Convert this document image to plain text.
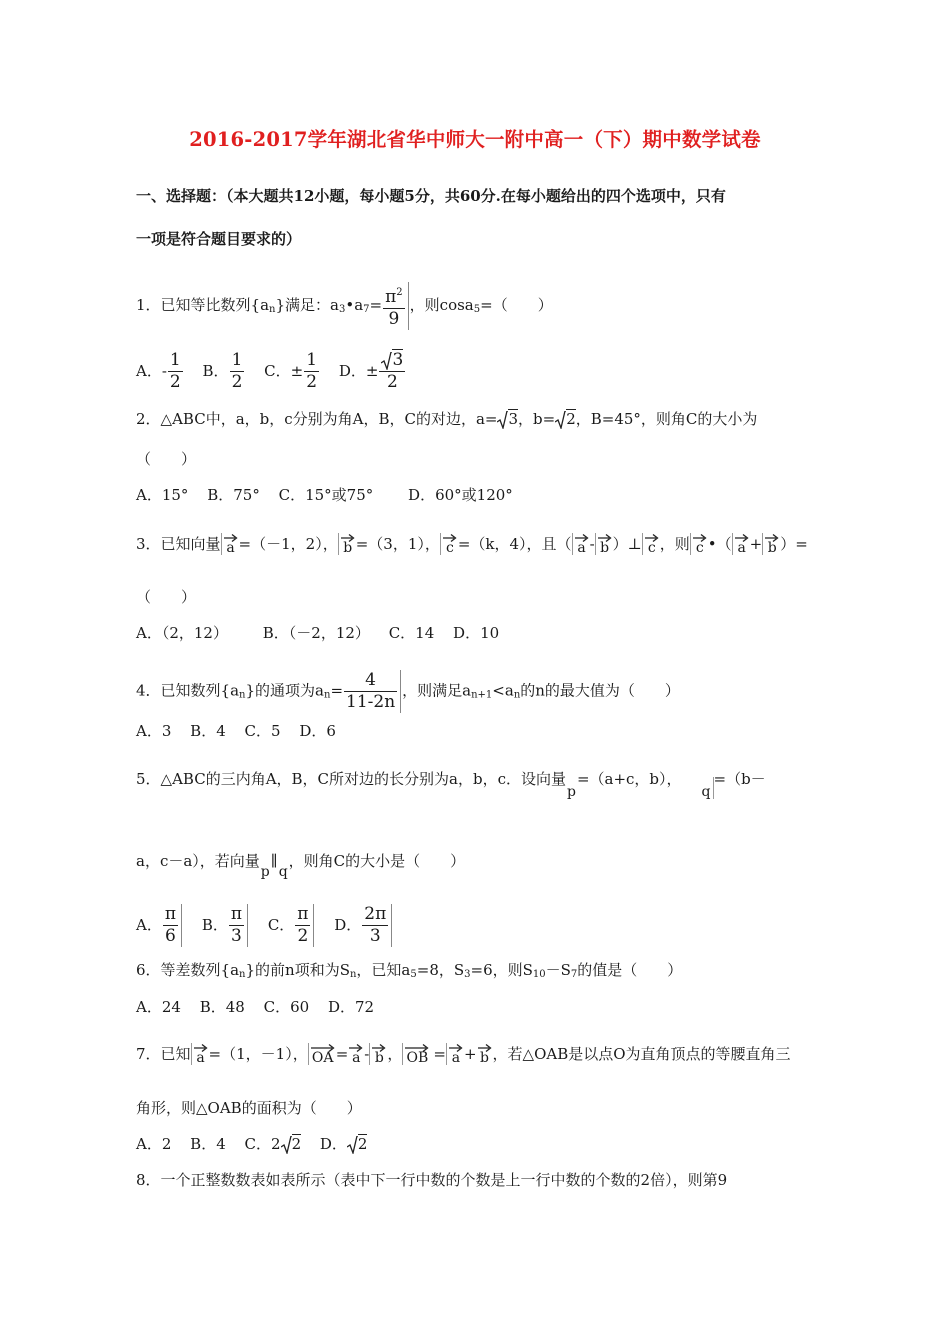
2016-2017学年湖北省华中师大一附中高一（下）期中数学试卷
一、选择题：（本大题共12小题，每小题5分，共60分.在每小题给出的四个选项中，只有
一项是符合题目要求的）
1．已知等比数列$\{a_n\}$满足：$a_3•a_7= \frac{\pi^2}{9}$ ，则cosa$_5$=（　　）
A．- $\frac{1}{2}$ B． $\frac{1}{2}$ C．± $\frac{1}{2}$ D．± $\frac{3}{2}$
2．△ABC中，a，b，c分别为角A，B，C的对边，a= 3，b= 2，B=45°，则角C的大小为
（　　）
A．15° B．75° C．15°或75° D．60°或120°
3．已知向量 a =（－1，2）， b =（3，1）， c =（k，4），且（ a - b ）⊥ c ，则 c •（ a + b ）=
（　　）
A．（2，12） B．（－2，12） C．14 D．10
4．已知数列$\{a_n\}$的通项为$a_n= \frac{4}{11-2n}$ ，则满足$a_{n+1}<a_n$的n的最大值为（　　）
A．3 B．4 C．5 D．6
5．△ABC的三内角A，B，C所对边的长分别为a，b，c．设向量
p
=（a+c，b），
q
=（b－
a，c－a），若向量
p
∥
q
，则角C的大小是（　　）
A． $\frac{\pi}{6}$ B． $\frac{\pi}{3}$ C． $\frac{\pi}{2}$ D． $\frac{2\pi}{3}$
6．等差数列$\{a_n\}$的前n项和为$S_n$，已知$a_5=8$，$S_3=6$，则$S_{10}-S_7$的值是（　　）
A．24 B．48 C．60 D．72
7．已知 a =（1，－1）， OA = a - b ， OB = a + b ，若△OAB是以点O为直角顶点的等腰直角三
角形，则△OAB的面积为（　　）
A．2 B．4 C．2 2 D． 2
8．一个正整数数表如表所示（表中下一行中数的个数是上一行中数的个数的2倍），则第9
